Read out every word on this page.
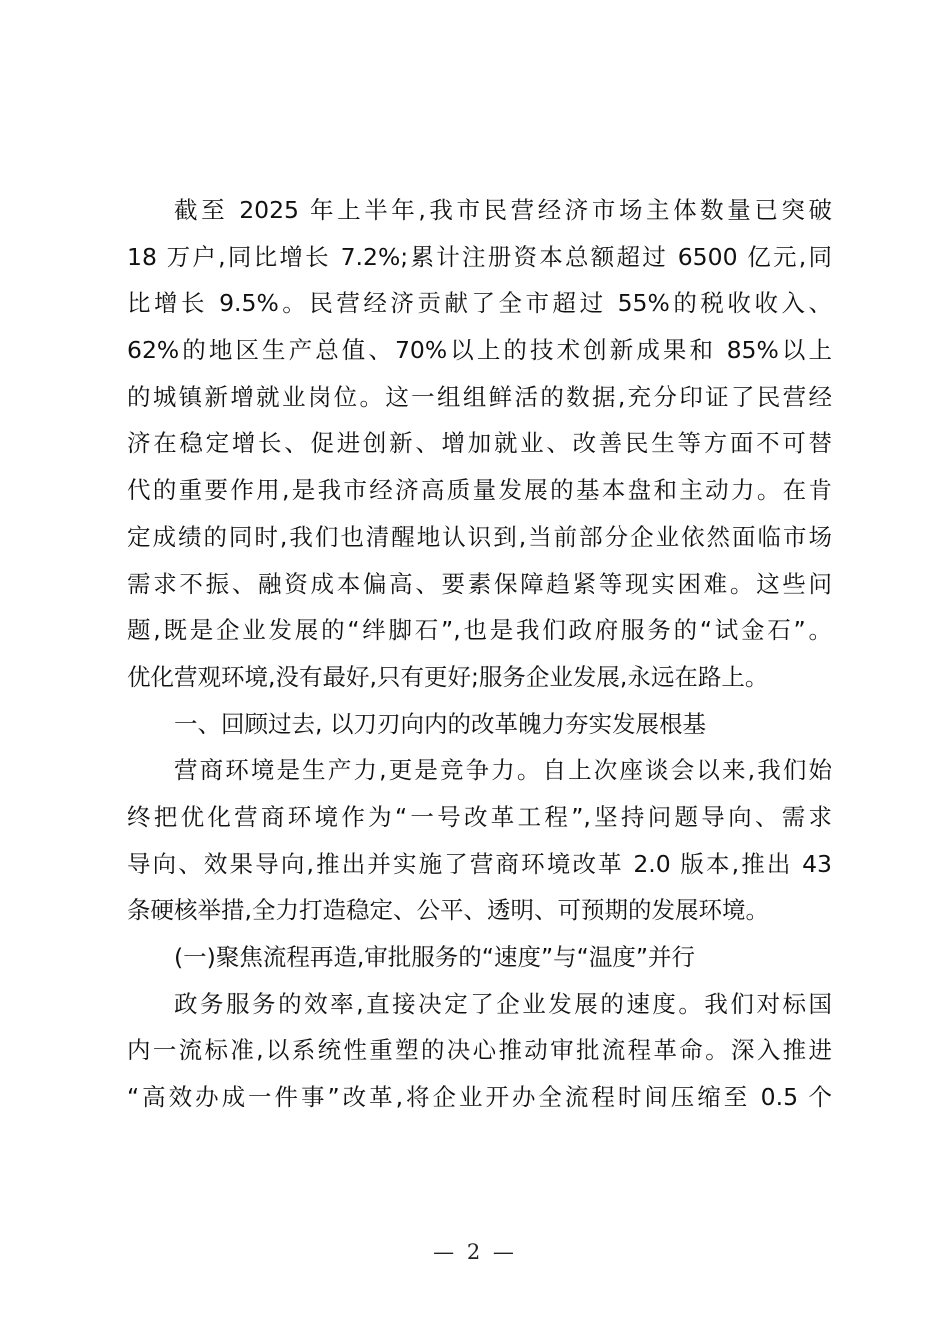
截至 2025 年上半年,我市民营经济市场主体数量已突破
18 万户,同比增长 7.2%;累计注册资本总额超过 6500 亿元,同
比增长 9.5%。民营经济贡献了全市超过 55%的税收收入、
62%的地区生产总值、70%以上的技术创新成果和 85%以上
的城镇新增就业岗位。这一组组鲜活的数据,充分印证了民营经
济在稳定增长、促进创新、增加就业、改善民生等方面不可替
代的重要作用,是我市经济高质量发展的基本盘和主动力。在肯
定成绩的同时,我们也清醒地认识到,当前部分企业依然面临市场
需求不振、融资成本偏高、要素保障趋紧等现实困难。这些问
题,既是企业发展的“绊脚石”,也是我们政府服务的“试金石”。
优化营观环境,没有最好,只有更好;服务企业发展,永远在路上。
一、回顾过去, 以刀刃向内的改革魄力夯实发展根基
营商环境是生产力,更是竞争力。自上次座谈会以来,我们始
终把优化营商环境作为“一号改革工程”,坚持问题导向、需求
导向、效果导向,推出并实施了营商环境改革 2.0 版本,推出 43
条硬核举措,全力打造稳定、公平、透明、可预期的发展环境。
(一)聚焦流程再造,审批服务的“速度”与“温度”并行
政务服务的效率,直接决定了企业发展的速度。我们对标国
内一流标准,以系统性重塑的决心推动审批流程革命。深入推进
“高效办成一件事”改革,将企业开办全流程时间压缩至 0.5 个
— 2 —
